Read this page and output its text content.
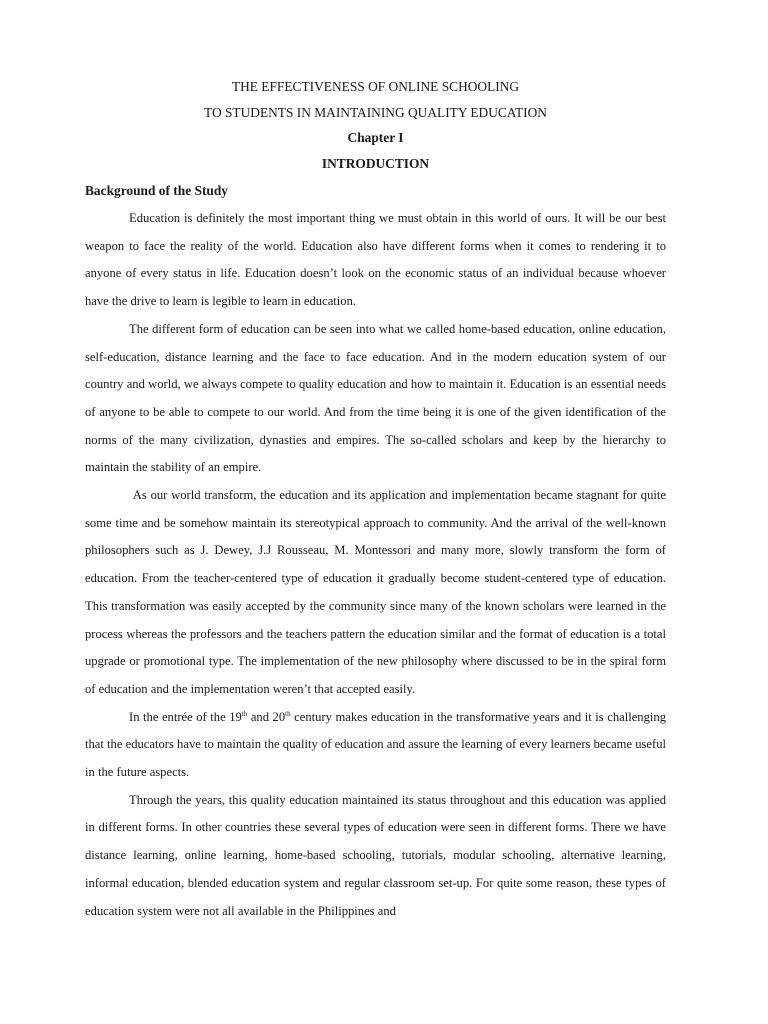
THE EFFECTIVENESS OF ONLINE SCHOOLING

TO STUDENTS IN MAINTAINING QUALITY EDUCATION

Chapter I

INTRODUCTION

Background of the Study

Education is definitely the most important thing we must obtain in this world of ours. It will be our best weapon to face the reality of the world. Education also have different forms when it comes to rendering it to anyone of every status in life. Education doesn’t look on the economic status of an individual because whoever have the drive to learn is legible to learn in education.

The different form of education can be seen into what we called home-based education, online education, self-education, distance learning and the face to face education. And in the modern education system of our country and world, we always compete to quality education and how to maintain it. Education is an essential needs of anyone to be able to compete to our world. And from the time being it is one of the given identification of the norms of the many civilization, dynasties and empires. The so-called scholars and keep by the hierarchy to maintain the stability of an empire.

As our world transform, the education and its application and implementation became stagnant for quite some time and be somehow maintain its stereotypical approach to community. And the arrival of the well-known philosophers such as J. Dewey, J.J Rousseau, M. Montessori and many more, slowly transform the form of education. From the teacher-centered type of education it gradually become student-centered type of education. This transformation was easily accepted by the community since many of the known scholars were learned in the process whereas the professors and the teachers pattern the education similar and the format of education is a total upgrade or promotional type. The implementation of the new philosophy where discussed to be in the spiral form of education and the implementation weren’t that accepted easily.

In the entrée of the 19th and 20th century makes education in the transformative years and it is challenging that the educators have to maintain the quality of education and assure the learning of every learners became useful in the future aspects.

Through the years, this quality education maintained its status throughout and this education was applied in different forms. In other countries these several types of education were seen in different forms. There we have distance learning, online learning, home-based schooling, tutorials, modular schooling, alternative learning, informal education, blended education system and regular classroom set-up. For quite some reason, these types of education system were not all available in the Philippines and
